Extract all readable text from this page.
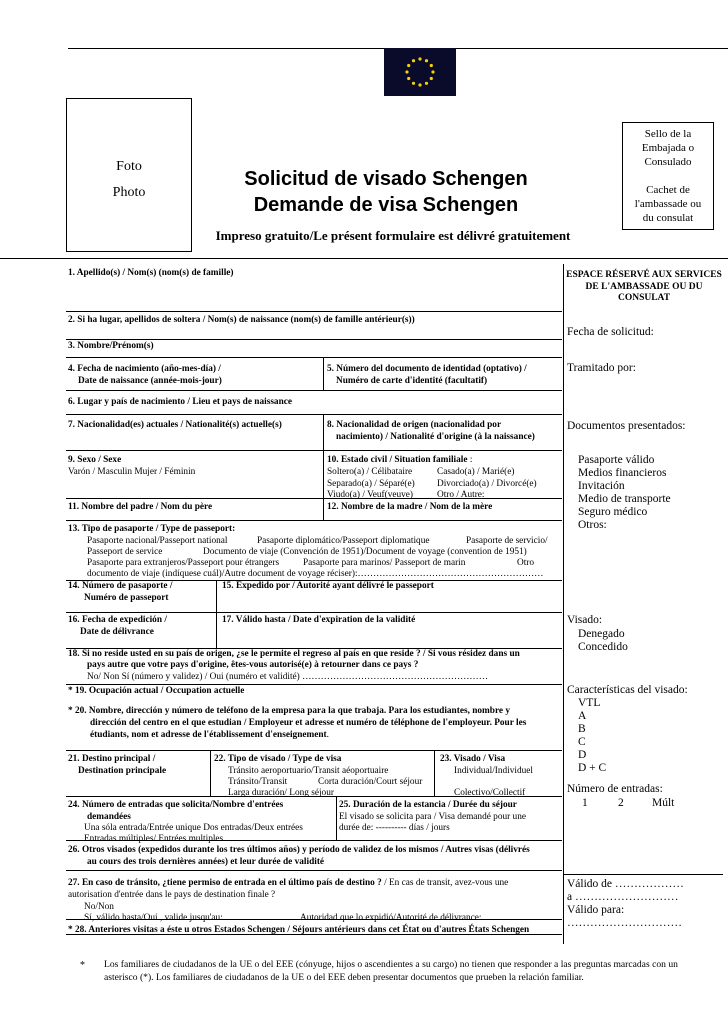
Foto
Photo
Sello de la
Embajada o
Consulado
Cachet de
l'ambassade ou
du consulat
Solicitud de visado Schengen
Demande de visa Schengen
Impreso gratuito/Le présent formulaire est délivré gratuitement
1. Apellido(s) / Nom(s) (nom(s) de famille)
2. Si ha lugar, apellidos de soltera / Nom(s) de naissance (nom(s) de famille antérieur(s))
3. Nombre/Prénom(s)
4. Fecha de nacimiento (año-mes-día) /
Date de naissance (année-mois-jour)
5. Número del documento de identidad (optativo) /
Numéro de carte d'identité (facultatif)
6. Lugar y país de nacimiento / Lieu et pays de naissance
7. Nacionalidad(es) actuales / Nationalité(s) actuelle(s)	8. Nacionalidad de origen (nacionalidad por
nacimiento) / Nationalité d'origine (à la naissance)
9. Sexo / Sexe
Varón / Masculin Mujer / Féminin
10. Estado civil / Situation familiale :
Soltero(a) / Célibataire	Casado(a) / Marié(e)
Separado(a) / Séparé(e) Divorciado(a) / Divorcé(e)
Viudo(a) / Veuf(veuve)	Otro / Autre:
11. Nombre del padre / Nom du père	12. Nombre de la madre / Nom de la mère
13. Tipo de pasaporte / Type de passeport:
Pasaporte nacional/Passeport national	Pasaporte diplomático/Passeport diplomatique	Pasaporte de servicio/
Passeport de service	Documento de viaje (Convención de 1951)/Document de voyage (convention de 1951)
Pasaporte para extranjeros/Passeport pour étrangers	Pasaporte para marinos/ Passeport de marin	Otro
documento de viaje (indíquese cuál)/Autre document de voyage réciser):……………………………………………………
14. Número de pasaporte /
Numéro de passeport
15. Expedido por / Autorité ayant délivré le passeport
16. Fecha de expedición /
Date de délivrance
17. Válido hasta / Date d'expiration de la validité
18. Si no reside usted en su país de origen, ¿se le permite el regreso al país en que reside ? / Si vous résidez dans un
pays autre que votre pays d'origine, êtes-vous autorisé(e) à retourner dans ce pays ?
No/ Non Sí (número y validez) / Oui (numéro et validité) ……………………………………………………
* 19. Ocupación actual / Occupation actuelle
* 20. Nombre, dirección y número de teléfono de la empresa para la que trabaja. Para los estudiantes, nombre y
dirección del centro en el que estudian / Employeur et adresse et numéro de téléphone de l'employeur. Pour les
étudiants, nom et adresse de l'établissement d'enseignement.
21. Destino principal /
Destination principale
22. Tipo de visado / Type de visa
Tránsito aeroportuario/Transit aéoportuaire
Tránsito/Transit	Corta duración/Court séjour
Larga duración/ Long séjour
23. Visado / Visa
Individual/Individuel
Colectivo/Collectif
24. Número de entradas que solicita/Nombre d'entrées
demandées
Una sóla entrada/Entrée unique Dos entradas/Deux entrées
Entradas múltiples/ Entrées multiples
25. Duración de la estancia / Durée du séjour
El visado se solicita para / Visa demandé pour une
durée de: ---------- días / jours
26. Otros visados (expedidos durante los tres últimos años) y período de validez de los mismos / Autres visas (délivrés
au cours des trois dernières années) et leur durée de validité
27. En caso de tránsito, ¿tiene permiso de entrada en el último país de destino ? / En cas de transit, avez-vous une
autorisation d'entrée dans le pays de destination finale ?
No/Non
Sí, válido hasta/Oui , valide jusqu'au:	Autoridad que lo expidió/Autorité de délivrance:
* 28. Anteriores visitas a éste u otros Estados Schengen / Séjours antérieurs dans cet État ou d'autres États Schengen
ESPACE RÉSERVÉ AUX SERVICES DE L'AMBASSADE OU DU CONSULAT
Fecha de solicitud:
Tramitado por:
Documentos presentados:
Pasaporte válido
Medios financieros
Invitación
Medio de transporte
Seguro médico
Otros:
Visado:
Denegado
Concedido
Características del visado:
VTL
A
B
C
D
D + C
Número de entradas:
1	2 Múlt
Válido de ………………
a ………………………
Válido para:
…………………………
* Los familiares de ciudadanos de la UE o del EEE (cónyuge, hijos o ascendientes a su cargo) no tienen que responder a las preguntas marcadas con un asterisco (*). Los familiares de ciudadanos de la UE o del EEE deben presentar documentos que prueben la relación familiar.
